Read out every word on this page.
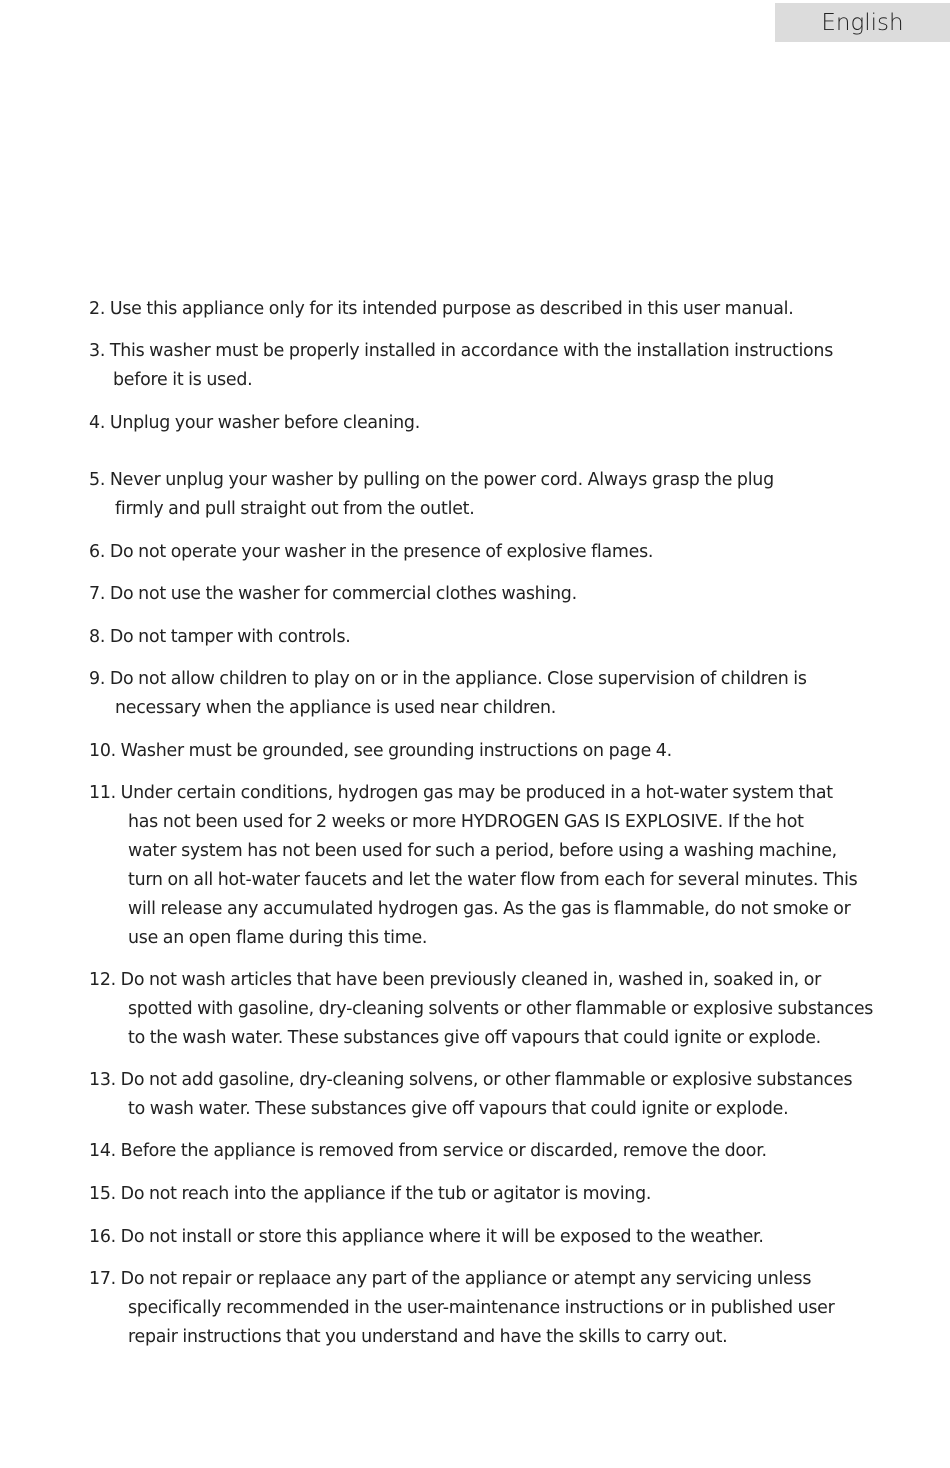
English
2. Use this appliance only for its intended purpose as described in this user manual.
3. This washer must be properly installed in accordance with the installation instructions
before it is used.
4. Unplug your washer before cleaning.
5. Never unplug your washer by pulling on the power cord. Always grasp the plug
firmly and pull straight out from the outlet.
6. Do not operate your washer in the presence of explosive flames.
7. Do not use the washer for commercial clothes washing.
8. Do not tamper with controls.
9. Do not allow children to play on or in the appliance. Close supervision of children is
necessary when the appliance is used near children.
10. Washer must be grounded, see grounding instructions on page 4.
11. Under certain conditions, hydrogen gas may be produced in a hot-water system that
has not been used for 2 weeks or more HYDROGEN GAS IS EXPLOSIVE. If the hot
water system has not been used for such a period, before using a washing machine,
turn on all hot-water faucets and let the water flow from each for several minutes. This
will release any accumulated hydrogen gas. As the gas is flammable, do not smoke or
use an open flame during this time.
12. Do not wash articles that have been previously cleaned in, washed in, soaked in, or
spotted with gasoline, dry-cleaning solvents or other flammable or explosive substances
to the wash water. These substances give off vapours that could ignite or explode.
13. Do not add gasoline, dry-cleaning solvens, or other flammable or explosive substances
to wash water. These substances give off vapours that could ignite or explode.
14. Before the appliance is removed from service or discarded, remove the door.
15. Do not reach into the appliance if the tub or agitator is moving.
16. Do not install or store this appliance where it will be exposed to the weather.
17. Do not repair or replaace any part of the appliance or atempt any servicing unless
specifically recommended in the user-maintenance instructions or in published user
repair instructions that you understand and have the skills to carry out.
